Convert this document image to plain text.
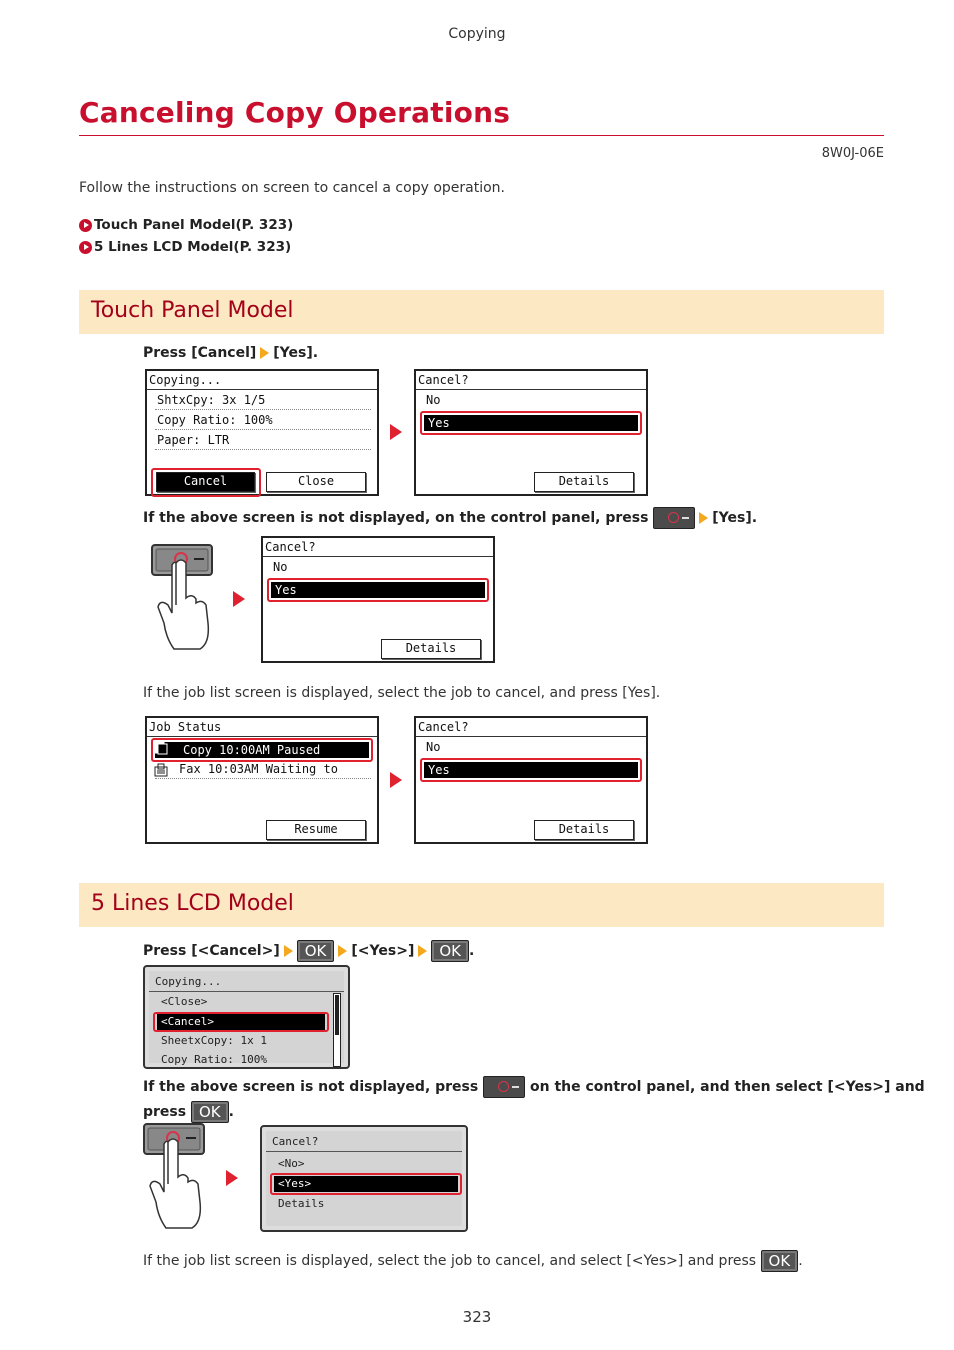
Copying
Canceling Copy Operations
8W0J-06E
Follow the instructions on screen to cancel a copy operation.
Touch Panel Model(P. 323)
5 Lines LCD Model(P. 323)
Touch Panel Model
Press [Cancel] [Yes].
Copying...
ShtxCpy: 3x 1/5
Copy Ratio: 100%
Paper: LTR
Cancel	Close
Cancel?
No
Yes
Details
If the above screen is not displayed, on the control panel, press	[Yes].
Cancel?
No
Yes
Details
If the job list screen is displayed, select the job to cancel, and press [Yes].
Job Status
Copy 10:00AM Paused
Fax 10:03AM Waiting to
Resume
Cancel?
No
Yes
Details
5 Lines LCD Model
Press [<Cancel>] OK [<Yes>] OK .
Copying...
<Close>
<Cancel>
SheetxCopy: 1x 1
Copy Ratio: 100%
If the above screen is not displayed, press	on the control panel, and then select [<Yes>] and
press OK .
Cancel?
<No>
<Yes>
Details
If the job list screen is displayed, select the job to cancel, and select [<Yes>] and press OK .
323
